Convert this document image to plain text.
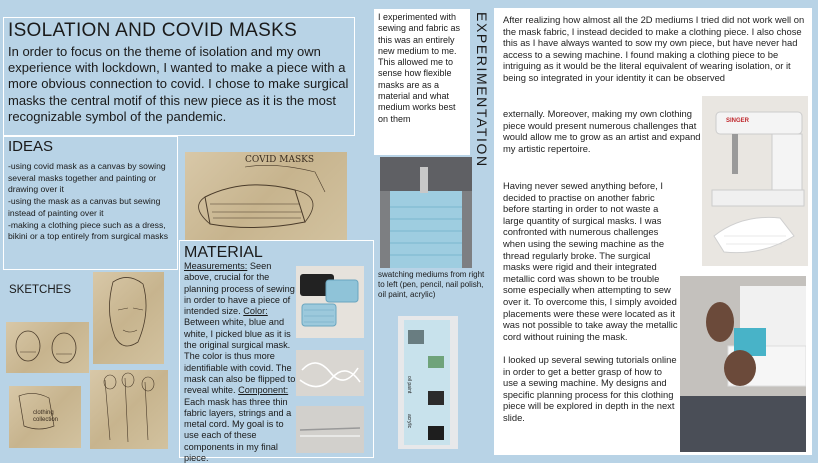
ISOLATION AND COVID MASKS
In order to focus on the theme of isolation and my own experience with lockdown, I wanted to make a piece with a more obvious connection to covid. I chose to make surgical masks the central motif of this new piece as it is the most recognizable symbol of the pandemic.
IDEAS
-using covid mask as a canvas by sowing several masks together and painting or drawing over it
-using the mask as a canvas but sewing instead of painting over it
-making a clothing piece such as a dress, bikini or a top entirely from surgical masks
COVID MASKS
SKETCHES
clothing collection
MATERIAL
Measurements: Seen above, crucial for the planning process of sewing in order to have a piece of intended size. Color: Between white, blue and white, I picked blue as it is the original surgical mask. The color is thus more identifiable with covid. The mask can also be flipped to reveal white. Component: Each mask has three thin fabric layers, strings and a metal cord. My goal is to use each of these components in my final piece.
I experimented with sewing and fabric as this was an entirely new medium to me. This allowed me to sense how flexible masks are as a material and what medium works best on them	EXPERIMENTATION
swatching mediums from right to left (pen, pencil, nail polish, oil paint, acrylic)
oil paint
acrylic
After realizing how almost all the 2D mediums I tried did not work well on the mask fabric, I instead decided to make a clothing piece. I also chose this as I have always wanted to sow my own piece, but have never had access to a sewing machine. I found making a clothing piece to be intriguing as it would be the literal equivalent of wearing isolation, or it being so integrated in your identity it can be observed
externally. Moreover, making my own clothing piece would present numerous challenges that would allow me to grow as an artist and expand my artistic repertoire.
Having never sewed anything before, I decided to practise on another fabric before starting in order to not waste a large quantity of surgical masks. I was confronted with numerous challenges when using the sewing machine as the thread regularly broke. The surgical masks were rigid and their integrated metallic cord was shown to be trouble some especially when attempting to sew over it. To overcome this, I simply avoided placements were these were located as it was not possible to take away the metallic cord without ruining the mask.
I looked up several sewing tutorials online in order to get a better grasp of how to use a sewing machine. My designs and specific planning process for this clothing piece will be explored in depth in the next slide.
SINGER
